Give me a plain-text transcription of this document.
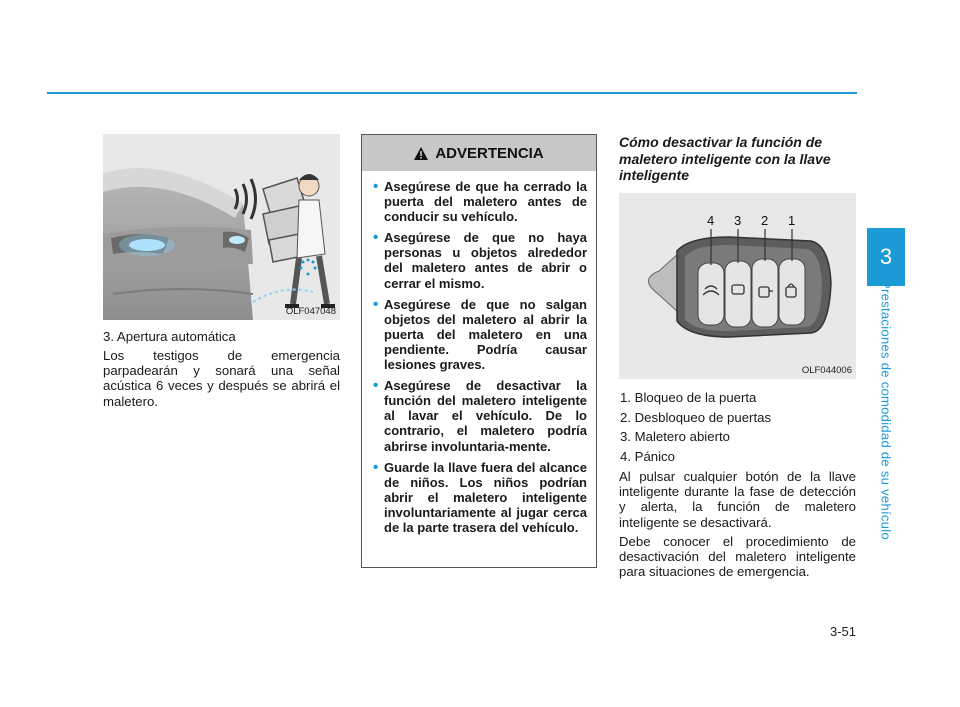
3
Prestaciones de comodidad de su vehículo
OLF047048

3. Apertura automática

Los testigos de emergencia parpadearán y sonará una señal acústica 6 veces y después se abrirá el maletero.

ADVERTENCIA
• Asegúrese de que ha cerrado la puerta del maletero antes de conducir su vehículo.
• Asegúrese de que no haya personas u objetos alrededor del maletero antes de abrir o cerrar el mismo.
• Asegúrese de que no salgan objetos del maletero al abrir la puerta del maletero en una pendiente. Podría causar lesiones graves.
• Asegúrese de desactivar la función del maletero inteligente al lavar el vehículo. De lo contrario, el maletero podría abrirse involuntaria-mente.
• Guarde la llave fuera del alcance de niños. Los niños podrían abrir el maletero inteligente involuntariamente al jugar cerca de la parte trasera del vehículo.
Cómo desactivar la función de maletero inteligente con la llave inteligente
4 3 2 1
OLF044006
1. Bloqueo de la puerta
2. Desbloqueo de puertas
3. Maletero abierto
4. Pánico

Al pulsar cualquier botón de la llave inteligente durante la fase de detección y alerta, la función de maletero inteligente se desactivará.

Debe conocer el procedimiento de desactivación del maletero inteligente para situaciones de emergencia.

3-51
